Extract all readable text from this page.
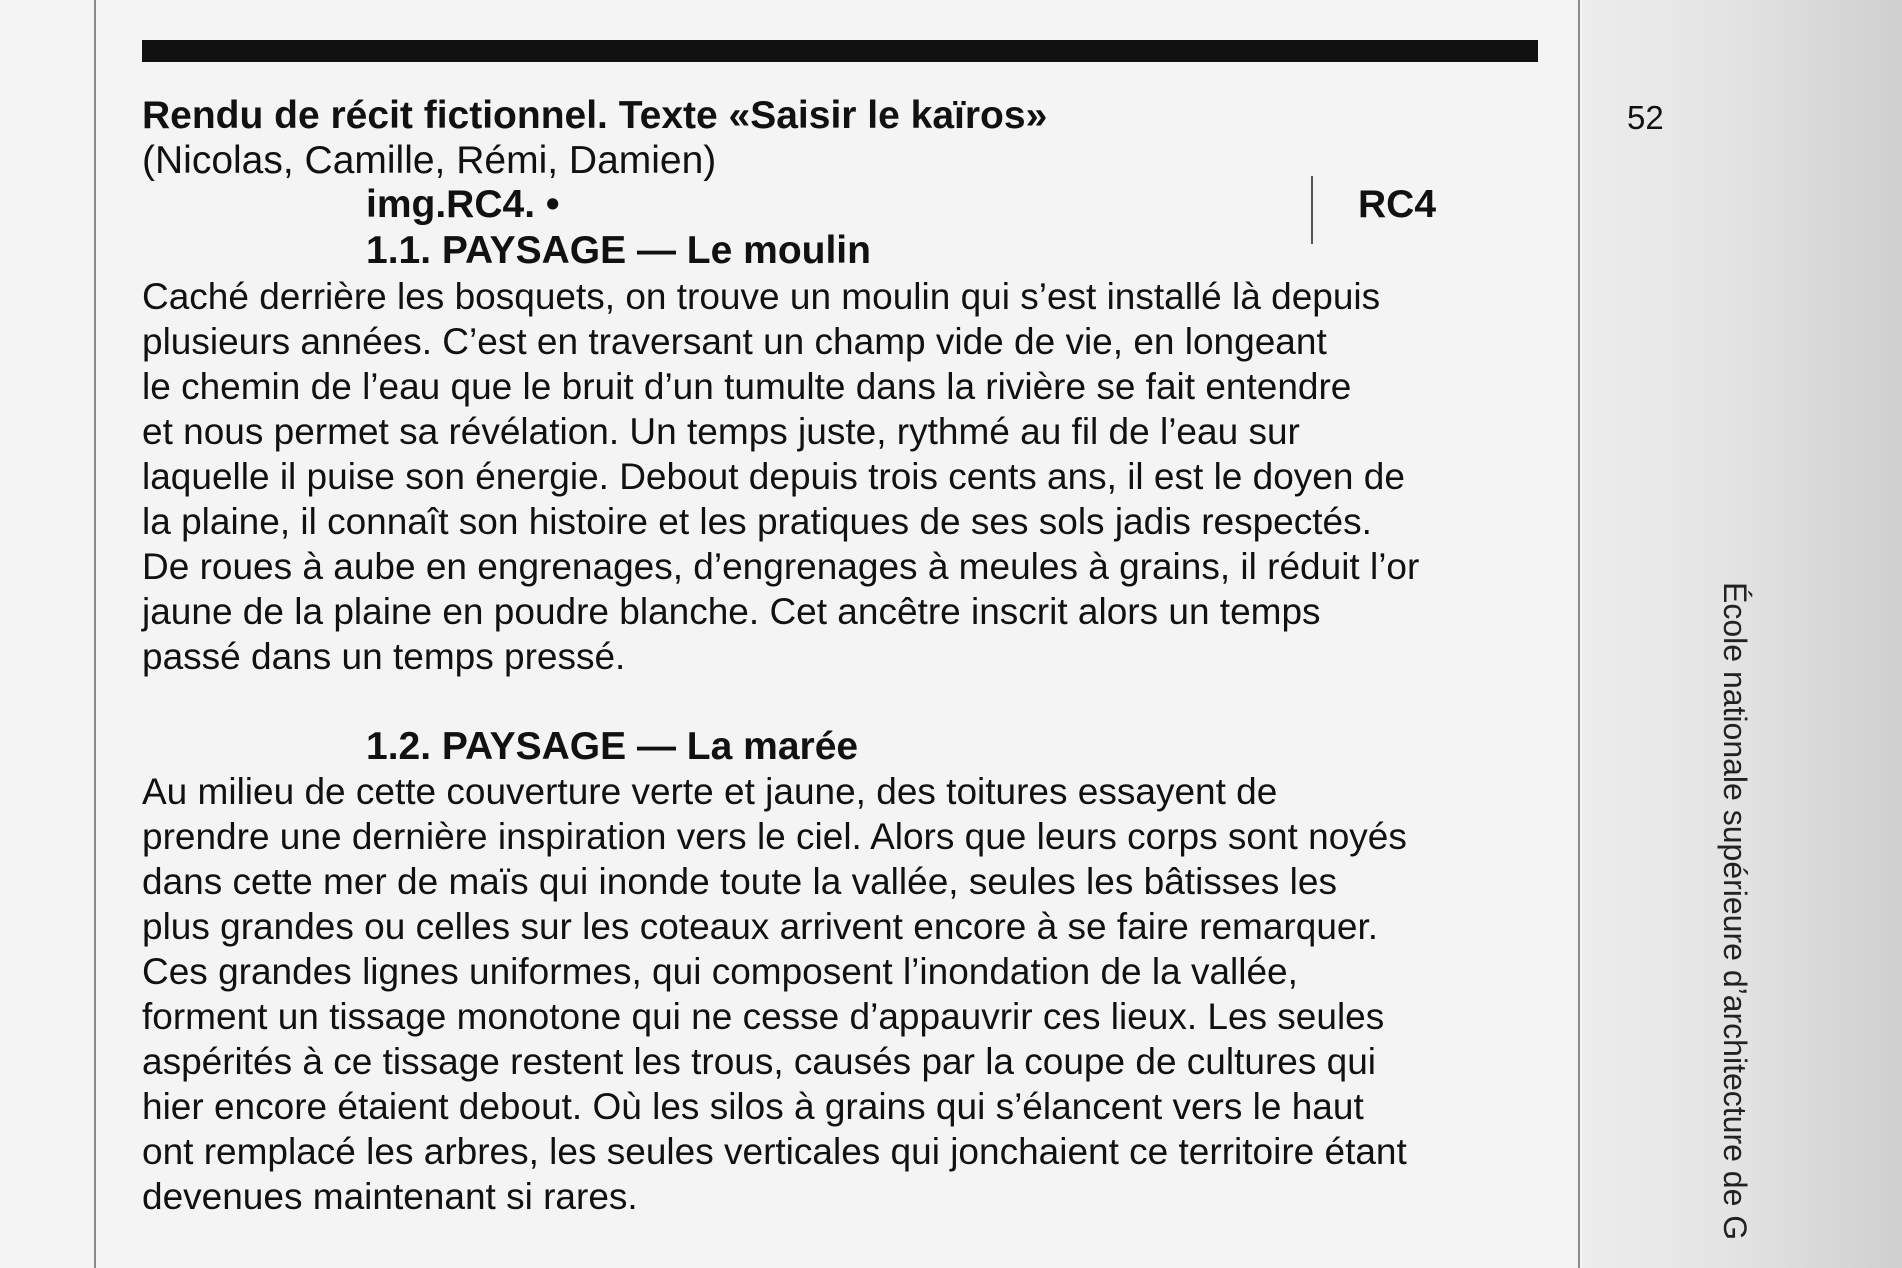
Rendu de récit fictionnel. Texte «Saisir le kaïros»
(Nicolas, Camille, Rémi, Damien)
img.RC4. •	RC4
1.1. PAYSAGE — Le moulin
Caché derrière les bosquets, on trouve un moulin qui s’est installé là depuis
plusieurs années. C’est en traversant un champ vide de vie, en longeant
le chemin de l’eau que le bruit d’un tumulte dans la rivière se fait entendre
et nous permet sa révélation. Un temps juste, rythmé au fil de l’eau sur
laquelle il puise son énergie. Debout depuis trois cents ans, il est le doyen de
la plaine, il connaît son histoire et les pratiques de ses sols jadis respectés.
De roues à aube en engrenages, d’engrenages à meules à grains, il réduit l’or
jaune de la plaine en poudre blanche. Cet ancêtre inscrit alors un temps
passé dans un temps pressé.
1.2. PAYSAGE — La marée
Au milieu de cette couverture verte et jaune, des toitures essayent de
prendre une dernière inspiration vers le ciel. Alors que leurs corps sont noyés
dans cette mer de maïs qui inonde toute la vallée, seules les bâtisses les
plus grandes ou celles sur les coteaux arrivent encore à se faire remarquer.
Ces grandes lignes uniformes, qui composent l’inondation de la vallée,
forment un tissage monotone qui ne cesse d’appauvrir ces lieux. Les seules
aspérités à ce tissage restent les trous, causés par la coupe de cultures qui
hier encore étaient debout. Où les silos à grains qui s’élancent vers le haut
ont remplacé les arbres, les seules verticales qui jonchaient ce territoire étant
devenues maintenant si rares.
52
École nationale supérieure d’architecture de G
